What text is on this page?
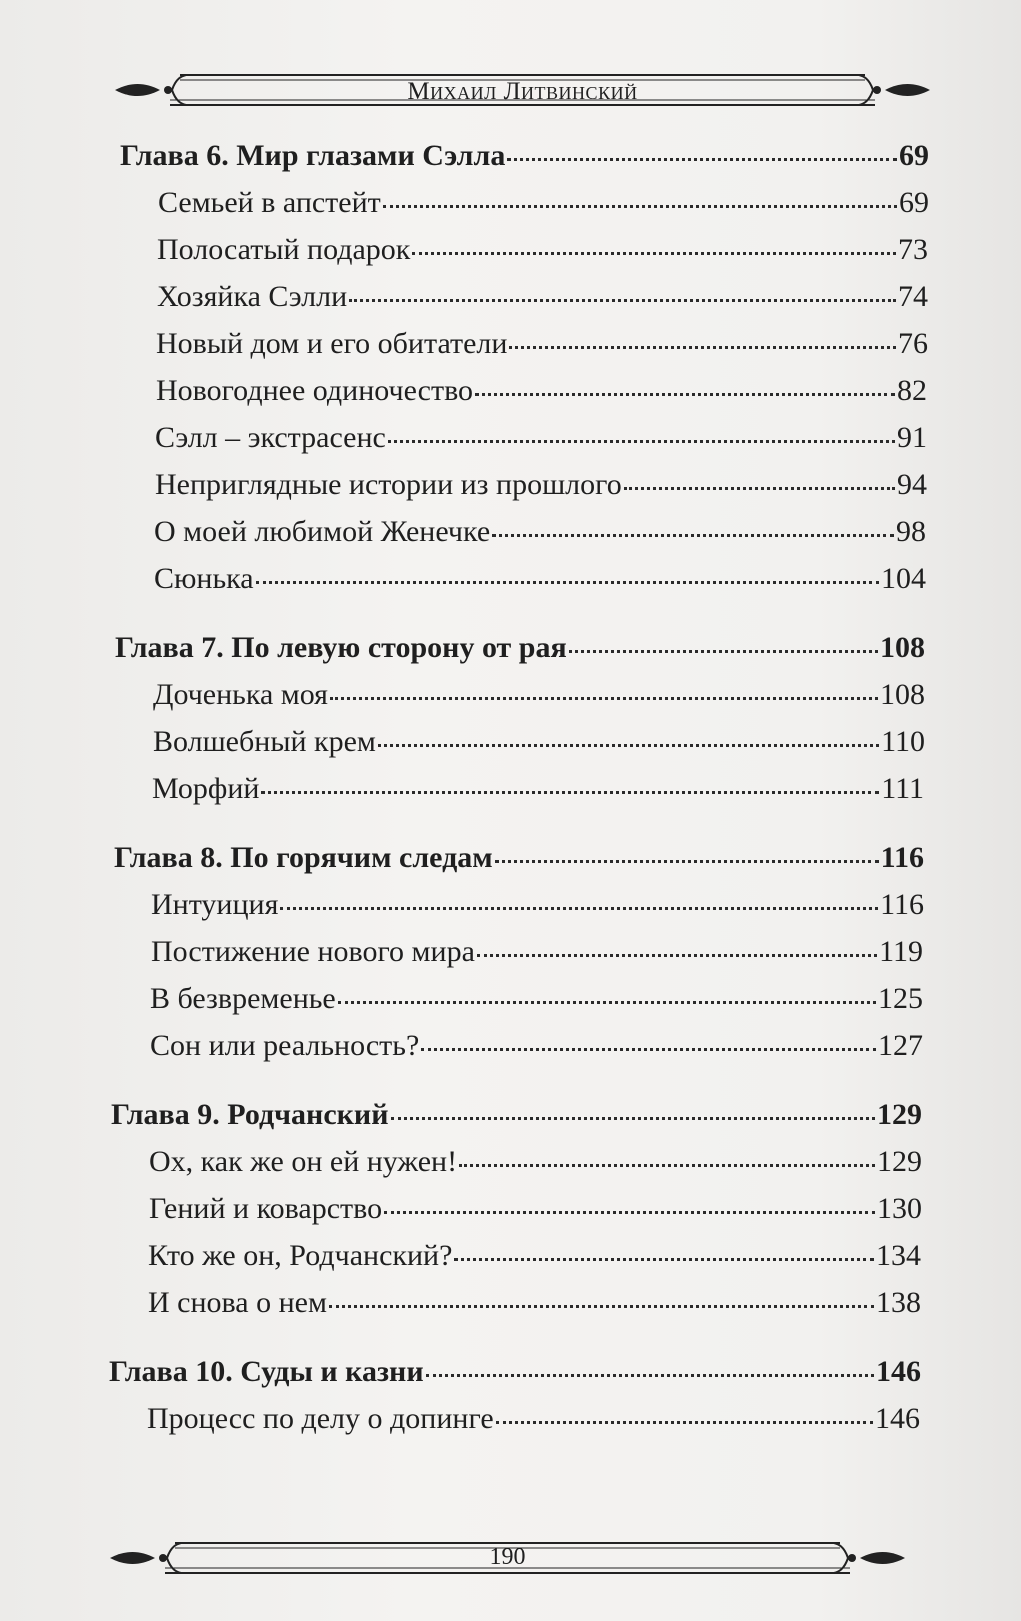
Михаил Литвинский
Глава 6. Мир глазами Сэлла	69
Семьей в апстейт	69
Полосатый подарок	73
Хозяйка Сэлли	74
Новый дом и его обитатели	76
Новогоднее одиночество	82
Сэлл – экстрасенс	91
Неприглядные истории из прошлого	94
О моей любимой Женечке	98
Сюнька	104
Глава 7. По левую сторону от рая	108
Доченька моя	108
Волшебный крем	110
Морфий	111
Глава 8. По горячим следам	116
Интуиция	116
Постижение нового мира	119
В безвременье	125
Сон или реальность?	127
Глава 9. Родчанский	129
Ох, как же он ей нужен!	129
Гений и коварство	130
Кто же он, Родчанский?	134
И снова о нем	138
Глава 10. Суды и казни	146
Процесс по делу о допинге	146
190
